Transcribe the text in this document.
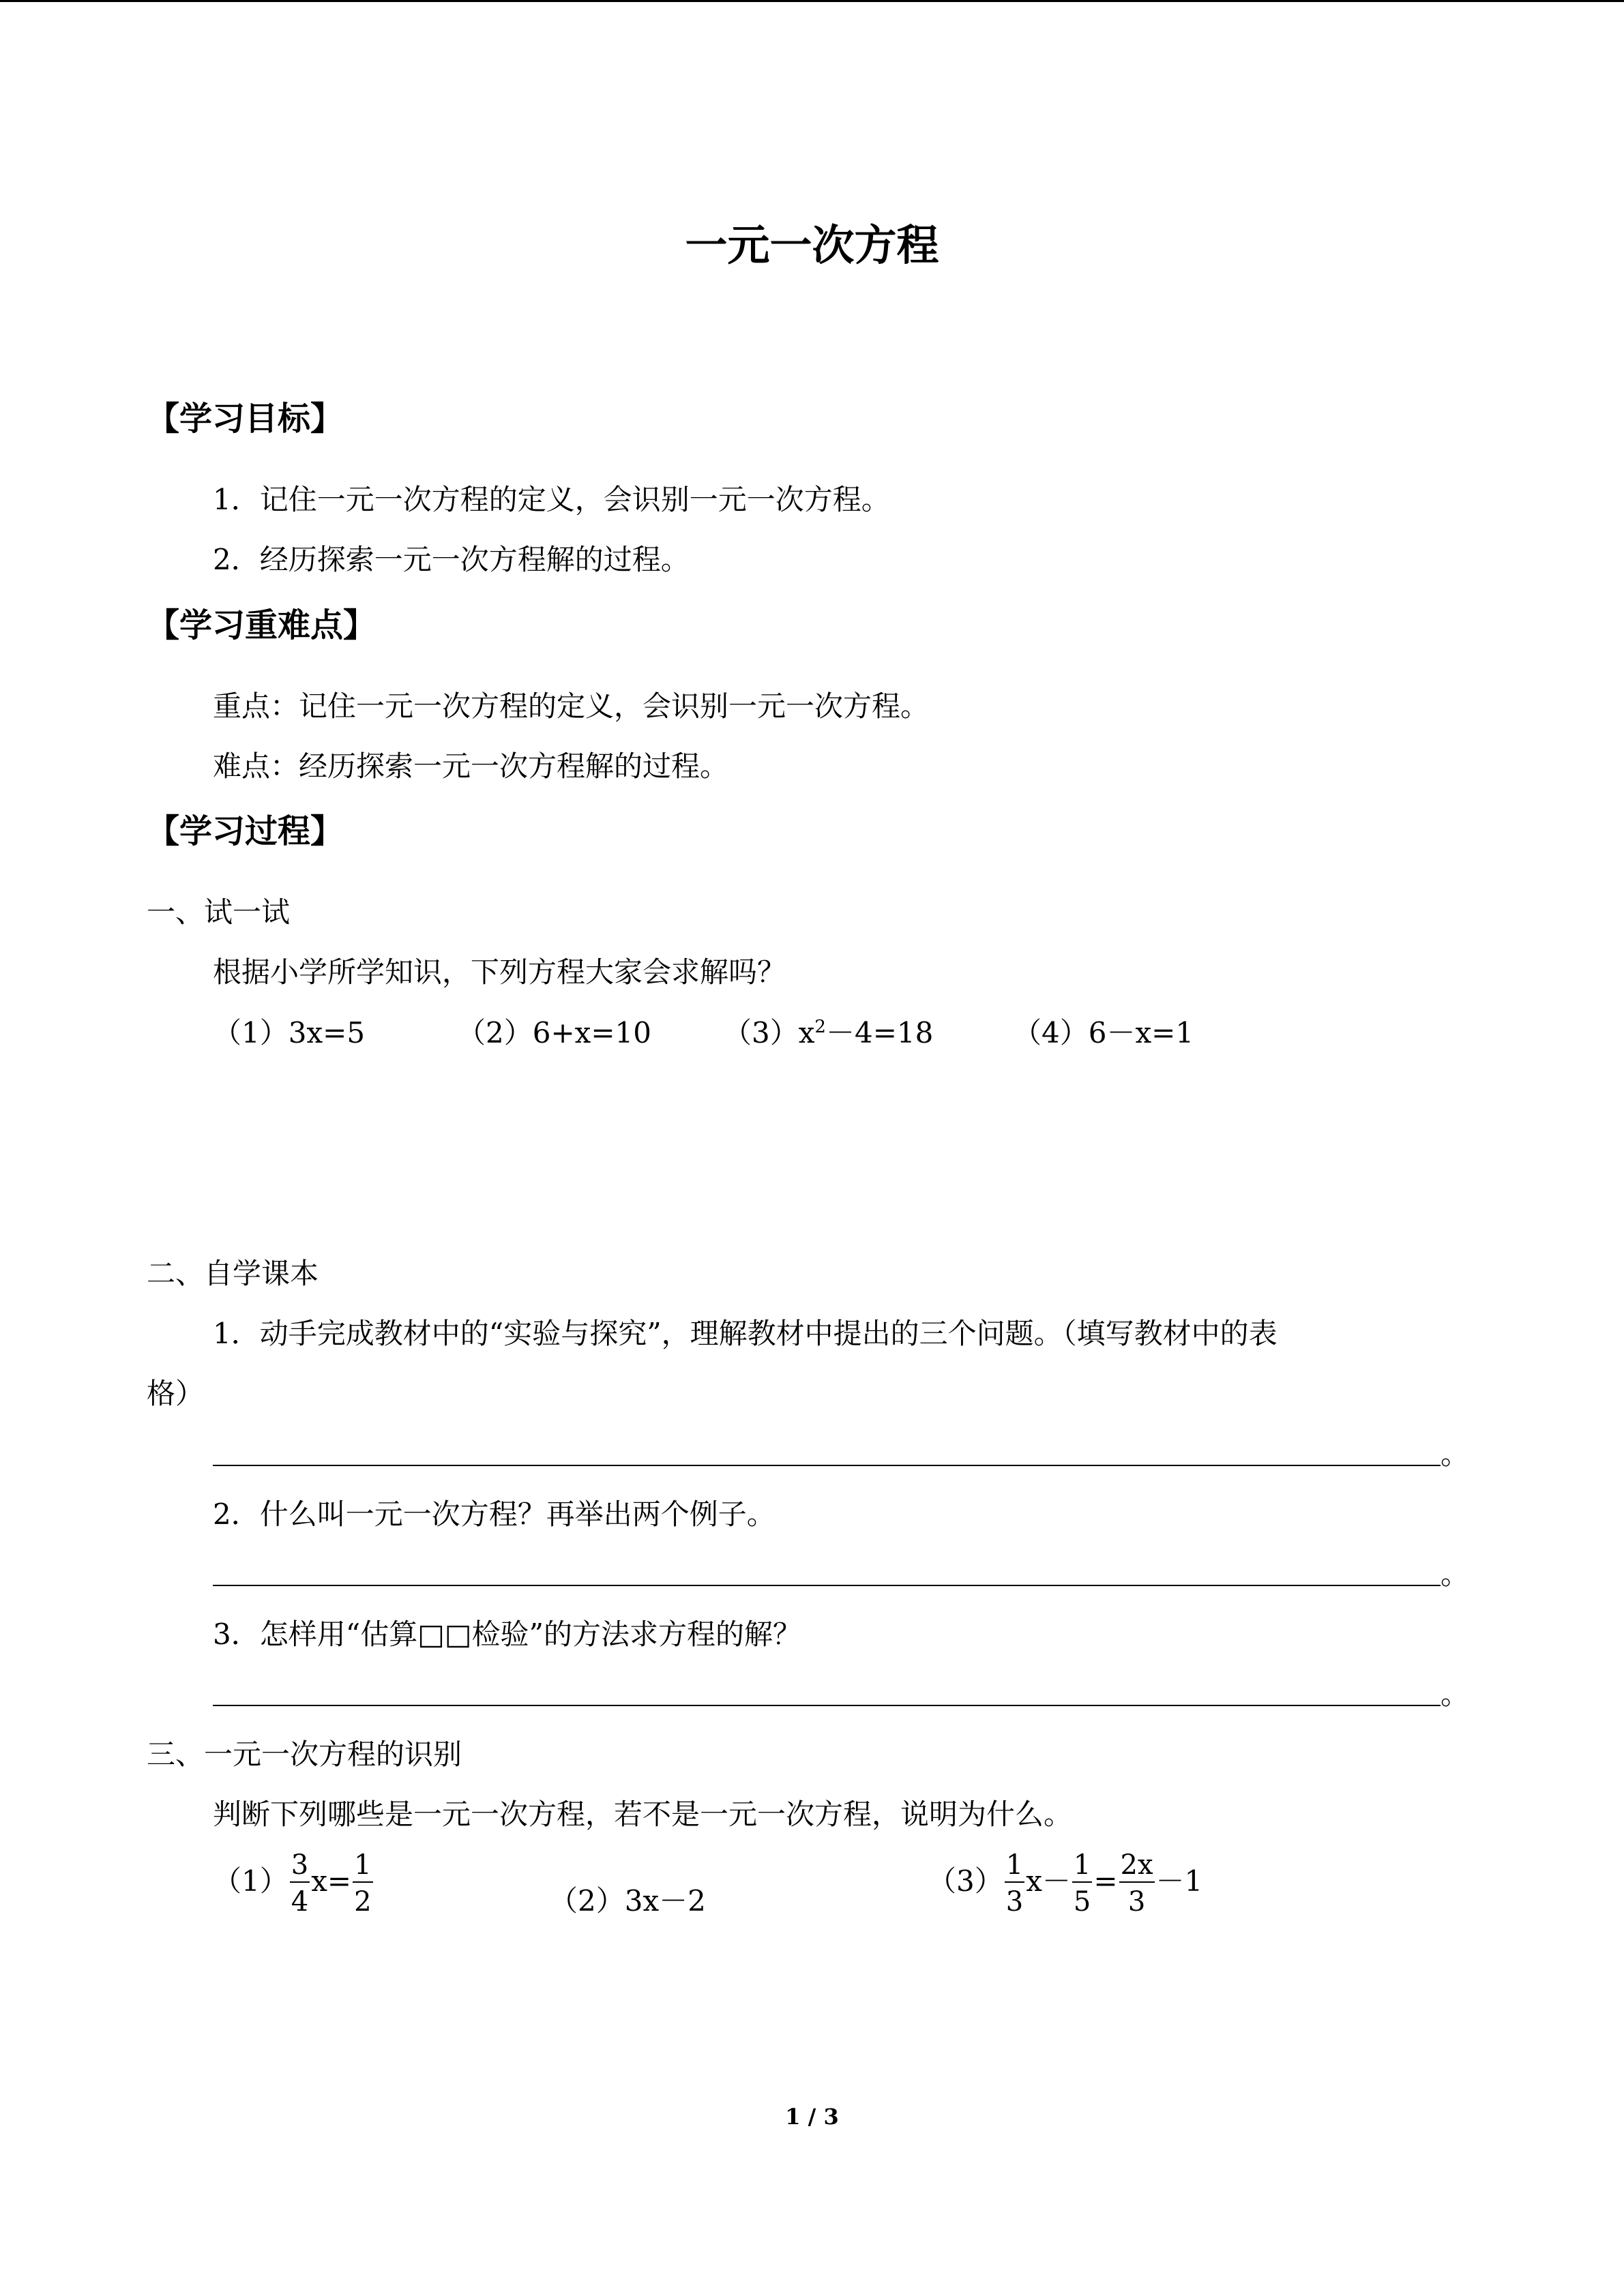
一元一次方程
【学习目标】
1．记住一元一次方程的定义，会识别一元一次方程。
2．经历探索一元一次方程解的过程。
【学习重难点】
重点：记住一元一次方程的定义，会识别一元一次方程。
难点：经历探索一元一次方程解的过程。
【学习过程】
一、试一试
根据小学所学知识，下列方程大家会求解吗？
（1）3x=5	（2）6+x=10	$(3)x^2-4=18$	（4）6－x=1
二、自学课本
1．动手完成教材中的“实验与探究”，理解教材中提出的三个问题。（填写教材中的表
格）
。
2．什么叫一元一次方程？再举出两个例子。
。
3．怎样用“估算□□检验”的方法求方程的解？
。
三、一元一次方程的识别
判断下列哪些是一元一次方程，若不是一元一次方程，说明为什么。
$(1) \frac{3}{4} x= \frac{1}{2}$	（2）3x－2
$(3) \frac{1}{3} x- \frac{1}{5} = \frac{2x}{3} -1$
1 / 3
